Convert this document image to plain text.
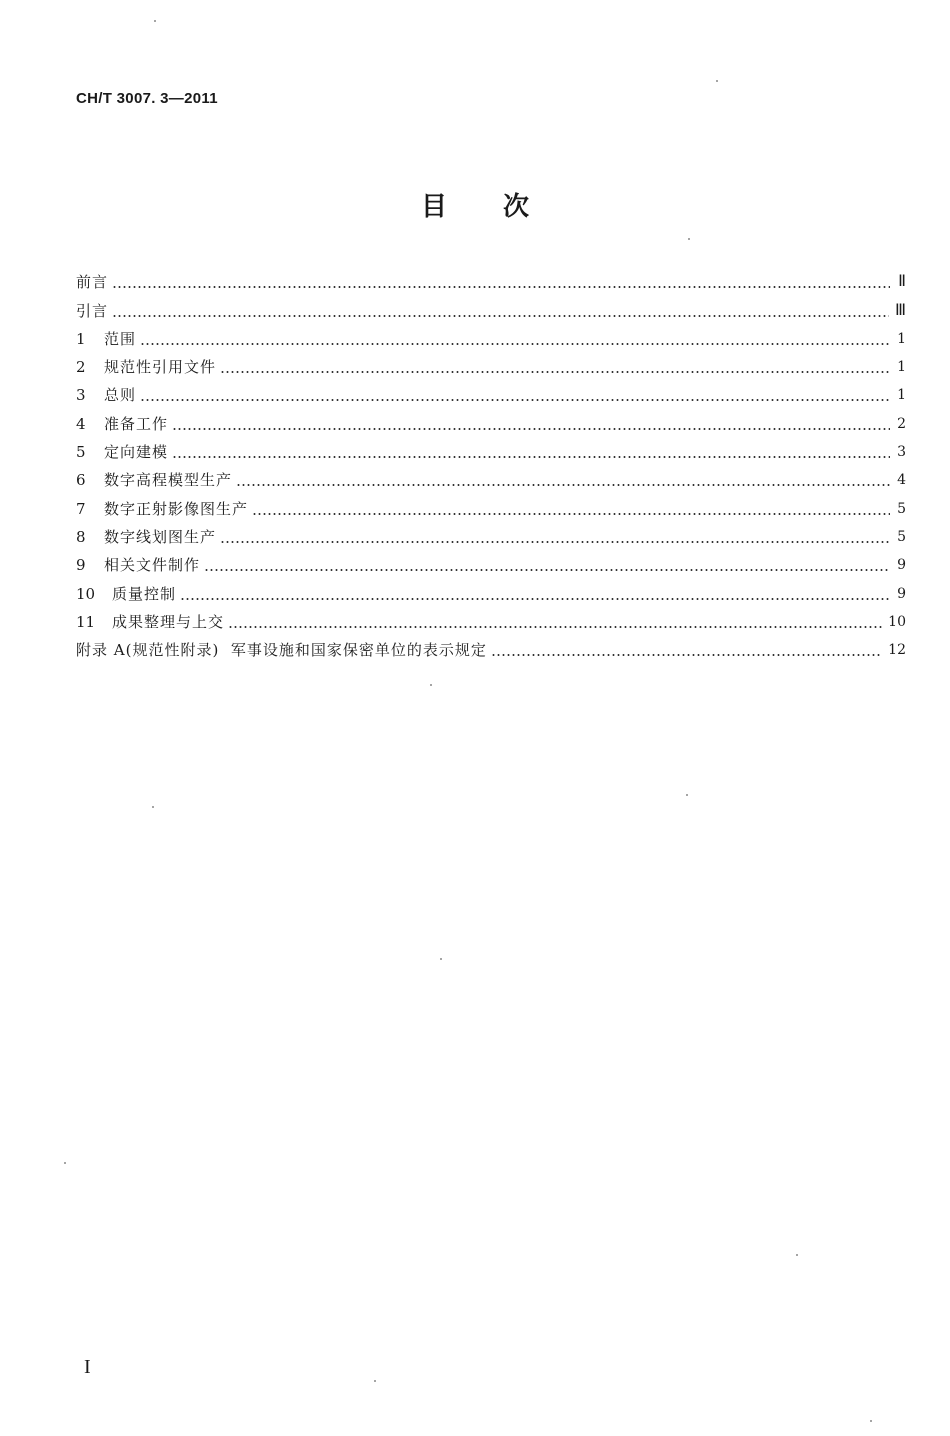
CH/T 3007. 3—2011
目 次
前言	Ⅱ
引言	Ⅲ
1	范围	1
2	规范性引用文件	1
3	总则	1
4	准备工作	2
5	定向建模	3
6	数字高程模型生产	4
7	数字正射影像图生产	5
8	数字线划图生产	5
9	相关文件制作	9
10	质量控制	9
11	成果整理与上交	10
附录 A(规范性附录)  军事设施和国家保密单位的表示规定	12
I
